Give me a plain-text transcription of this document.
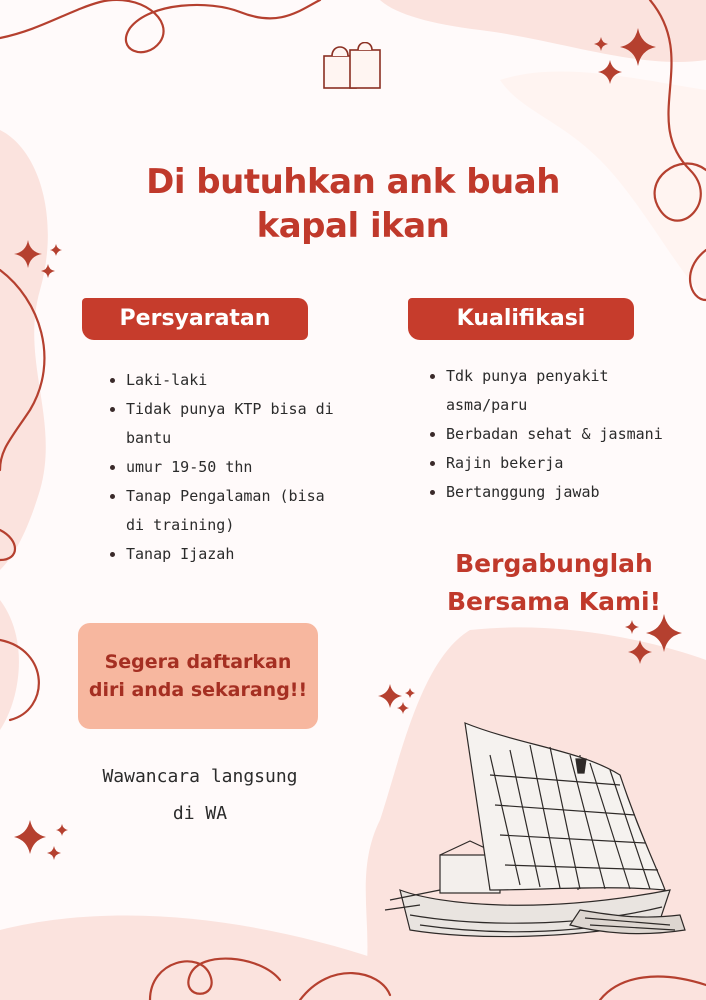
Di butuhkan ank buah
kapal ikan
Persyaratan	Kualifikasi
Laki-laki
Tidak punya KTP bisa di bantu
umur 19-50 thn
Tanap Pengalaman (bisa di training)
Tanap Ijazah
Tdk punya penyakit asma/paru
Berbadan sehat & jasmani
Rajin bekerja
Bertanggung jawab
Bergabunglah
Bersama Kami!
Segera daftarkan
diri anda sekarang!!
Wawancara langsung
di WA
